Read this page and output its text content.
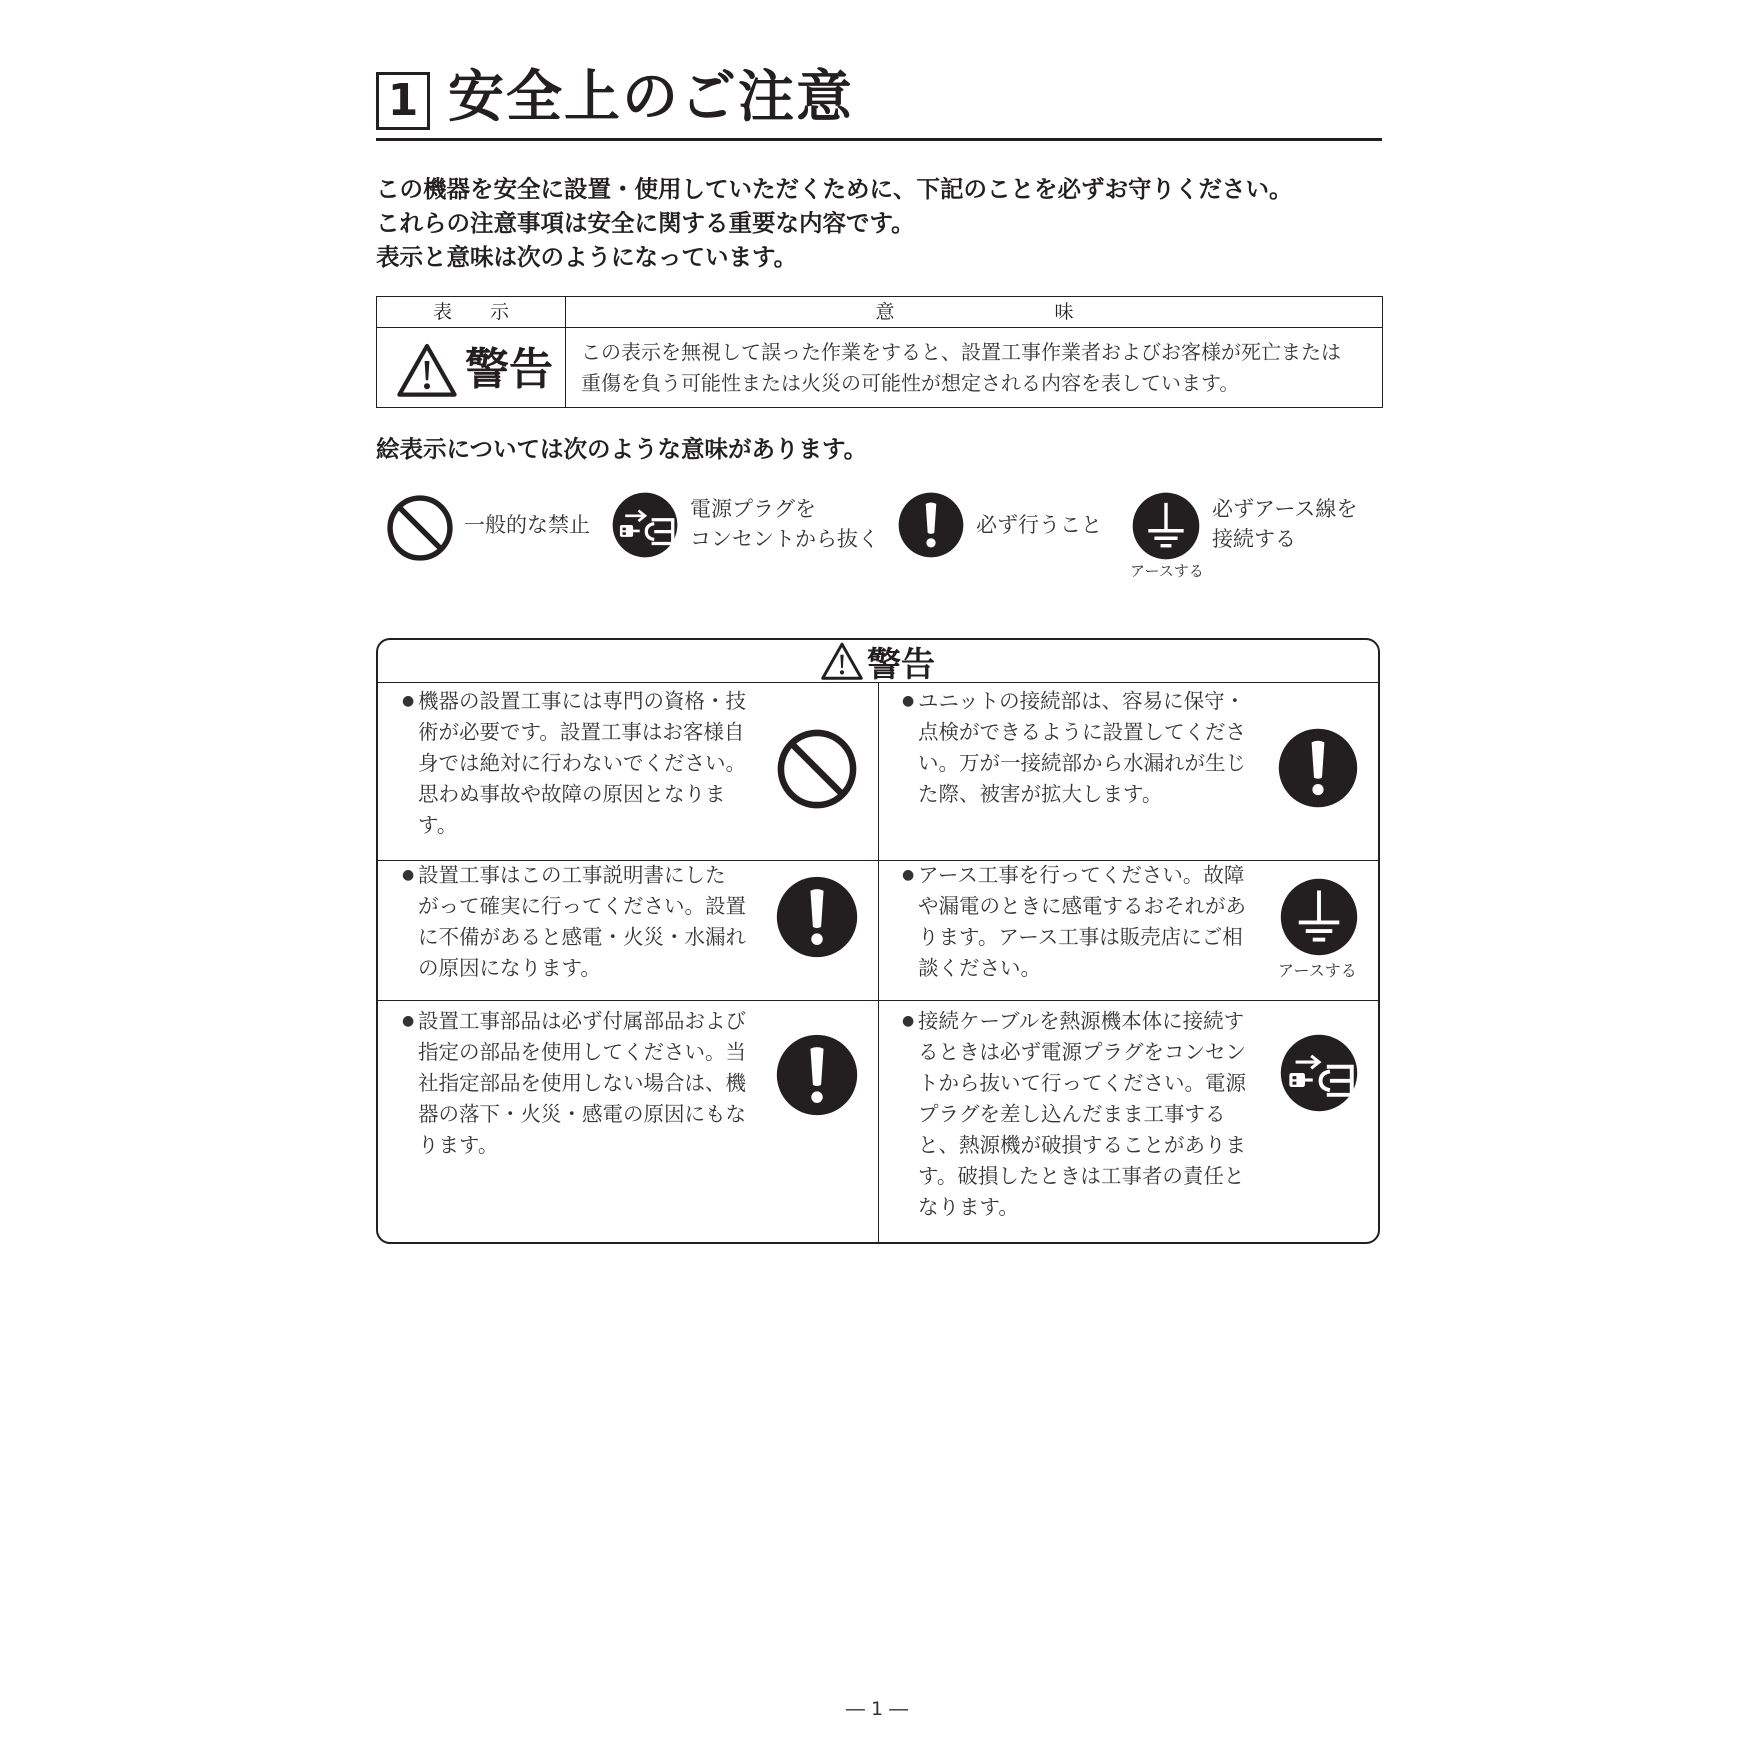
1 安全上のご注意
この機器を安全に設置・使用していただくために、下記のことを必ずお守りください。
これらの注意事項は安全に関する重要な内容です。
表示と意味は次のようになっています。
表示	意味
警告 この表示を無視して誤った作業をすると、設置工事作業者およびお客様が死亡または
重傷を負う可能性または火災の可能性が想定される内容を表しています。
絵表示については次のような意味があります。
一般的な禁止
電源プラグを
コンセントから抜く
必ず行うこと
アースする
必ずアース線を
接続する
警告
● 機器の設置工事には専門の資格・技
術が必要です。設置工事はお客様自
身では絶対に行わないでください。
思わぬ事故や故障の原因となりま
す。
● ユニットの接続部は、容易に保守・
点検ができるように設置してくださ
い。万が一接続部から水漏れが生じ
た際、被害が拡大します。
● 設置工事はこの工事説明書にした
がって確実に行ってください。設置
に不備があると感電・火災・水漏れ
の原因になります。
● アース工事を行ってください。故障
や漏電のときに感電するおそれがあ
ります。アース工事は販売店にご相
談ください。	アースする
● 設置工事部品は必ず付属部品および
指定の部品を使用してください。当
社指定部品を使用しない場合は、機
器の落下・火災・感電の原因にもな
ります。
● 接続ケーブルを熱源機本体に接続す
るときは必ず電源プラグをコンセン
トから抜いて行ってください。電源
プラグを差し込んだまま工事する
と、熱源機が破損することがありま
す。破損したときは工事者の責任と
なります。
― 1 ―
